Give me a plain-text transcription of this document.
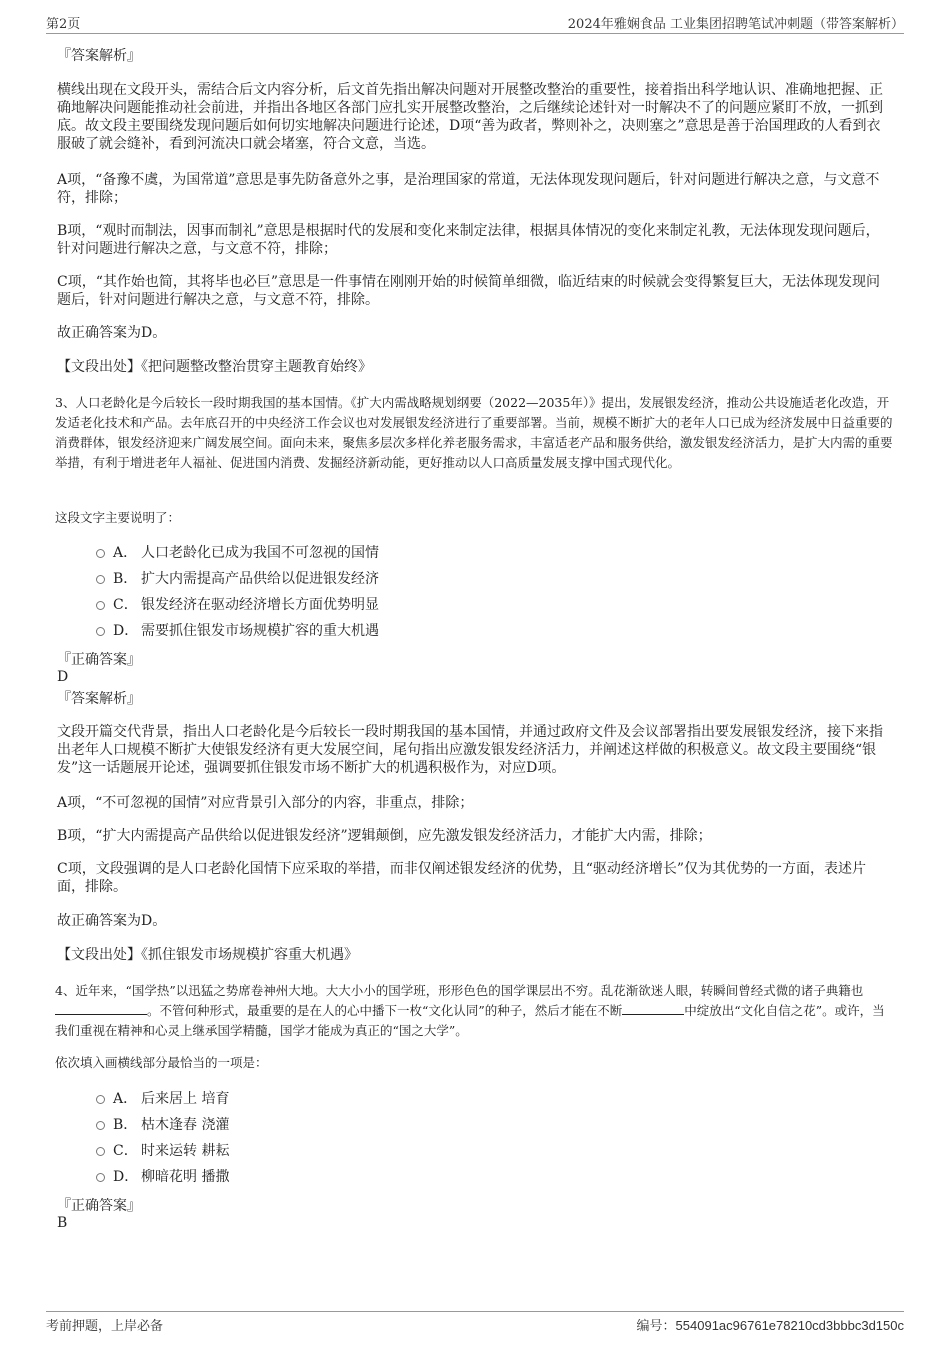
第2页	2024年雅娴食品 工业集团招聘笔试冲刺题（带答案解析）

『答案解析』

横线出现在文段开头，需结合后文内容分析，后文首先指出解决问题对开展整改整治的重要性，接着指出科学地认识、准确地把握、正确地解决问题能推动社会前进，并指出各地区各部门应扎实开展整改整治，之后继续论述针对一时解决不了的问题应紧盯不放，一抓到底。故文段主要围绕发现问题后如何切实地解决问题进行论述，D项“善为政者，弊则补之，决则塞之”意思是善于治国理政的人看到衣服破了就会缝补，看到河流决口就会堵塞，符合文意，当选。

A项，“备豫不虞，为国常道”意思是事先防备意外之事，是治理国家的常道，无法体现发现问题后，针对问题进行解决之意，与文意不符，排除；

B项，“观时而制法，因事而制礼”意思是根据时代的发展和变化来制定法律，根据具体情况的变化来制定礼教，无法体现发现问题后，针对问题进行解决之意，与文意不符，排除；

C项，“其作始也简，其将毕也必巨”意思是一件事情在刚刚开始的时候简单细微，临近结束的时候就会变得繁复巨大，无法体现发现问题后，针对问题进行解决之意，与文意不符，排除。

故正确答案为D。

【文段出处】《把问题整改整治贯穿主题教育始终》

3、人口老龄化是今后较长一段时期我国的基本国情。《扩大内需战略规划纲要（2022—2035年）》提出，发展银发经济，推动公共设施适老化改造，开发适老化技术和产品。去年底召开的中央经济工作会议也对发展银发经济进行了重要部署。当前，规模不断扩大的老年人口已成为经济发展中日益重要的消费群体，银发经济迎来广阔发展空间。面向未来，聚焦多层次多样化养老服务需求，丰富适老产品和服务供给，激发银发经济活力，是扩大内需的重要举措，有利于增进老年人福祉、促进国内消费、发掘经济新动能，更好推动以人口高质量发展支撑中国式现代化。

这段文字主要说明了：

A． 人口老龄化已成为我国不可忽视的国情
B． 扩大内需提高产品供给以促进银发经济
C． 银发经济在驱动经济增长方面优势明显
D． 需要抓住银发市场规模扩容的重大机遇

『正确答案』

D

『答案解析』

文段开篇交代背景，指出人口老龄化是今后较长一段时期我国的基本国情，并通过政府文件及会议部署指出要发展银发经济，接下来指出老年人口规模不断扩大使银发经济有更大发展空间，尾句指出应激发银发经济活力，并阐述这样做的积极意义。故文段主要围绕“银发”这一话题展开论述，强调要抓住银发市场不断扩大的机遇积极作为，对应D项。

A项，“不可忽视的国情”对应背景引入部分的内容，非重点，排除；

B项，“扩大内需提高产品供给以促进银发经济”逻辑颠倒，应先激发银发经济活力，才能扩大内需，排除；

C项，文段强调的是人口老龄化国情下应采取的举措，而非仅阐述银发经济的优势，且“驱动经济增长”仅为其优势的一方面，表述片面，排除。

故正确答案为D。

【文段出处】《抓住银发市场规模扩容重大机遇》

4、近年来，“国学热”以迅猛之势席卷神州大地。大大小小的国学班，形形色色的国学课层出不穷。乱花渐欲迷人眼，转瞬间曾经式微的诸子典籍也。不管何种形式，最重要的是在人的心中播下一枚“文化认同”的种子，然后才能在不断	中绽放出“文化自信之花”。或许，当我们重视在精神和心灵上继承国学精髓，国学才能成为真正的“国之大学”。

依次填入画横线部分最恰当的一项是：

A． 后来居上 培育
B． 枯木逢春 浇灌
C． 时来运转 耕耘
D． 柳暗花明 播撒

『正确答案』

B

考前押题，上岸必备	编号：554091ac96761e78210cd3bbbc3d150c
